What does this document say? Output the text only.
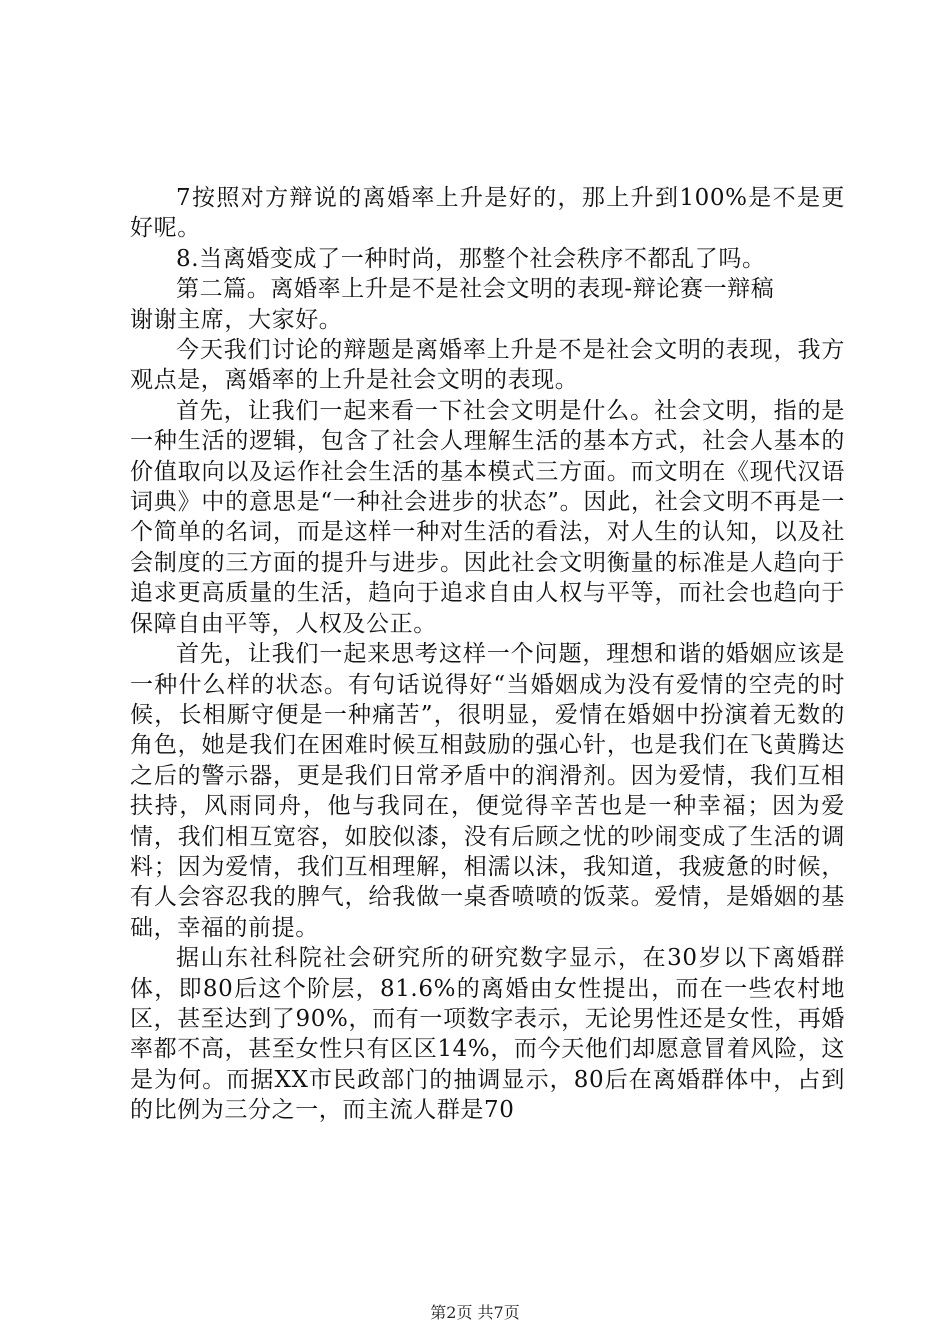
7按照对方辩说的离婚率上升是好的，那上升到100%是不是更好呢。

8.当离婚变成了一种时尚，那整个社会秩序不都乱了吗。

第二篇。离婚率上升是不是社会文明的表现-辩论赛一辩稿

谢谢主席，大家好。

今天我们讨论的辩题是离婚率上升是不是社会文明的表现，我方观点是，离婚率的上升是社会文明的表现。

首先，让我们一起来看一下社会文明是什么。社会文明，指的是一种生活的逻辑，包含了社会人理解生活的基本方式，社会人基本的价值取向以及运作社会生活的基本模式三方面。而文明在《现代汉语词典》中的意思是“一种社会进步的状态”。因此，社会文明不再是一个简单的名词，而是这样一种对生活的看法，对人生的认知，以及社会制度的三方面的提升与进步。因此社会文明衡量的标准是人趋向于追求更高质量的生活，趋向于追求自由人权与平等，而社会也趋向于保障自由平等，人权及公正。

首先，让我们一起来思考这样一个问题，理想和谐的婚姻应该是一种什么样的状态。有句话说得好“当婚姻成为没有爱情的空壳的时候，长相厮守便是一种痛苦”，很明显，爱情在婚姻中扮演着无数的角色，她是我们在困难时候互相鼓励的强心针，也是我们在飞黄腾达之后的警示器，更是我们日常矛盾中的润滑剂。因为爱情，我们互相扶持，风雨同舟，他与我同在，便觉得辛苦也是一种幸福；因为爱情，我们相互宽容，如胶似漆，没有后顾之忧的吵闹变成了生活的调料；因为爱情，我们互相理解，相濡以沫，我知道，我疲惫的时候，有人会容忍我的脾气，给我做一桌香喷喷的饭菜。爱情，是婚姻的基础，幸福的前提。

据山东社科院社会研究所的研究数字显示，在30岁以下离婚群体，即80后这个阶层，81.6%的离婚由女性提出，而在一些农村地区，甚至达到了90%，而有一项数字表示，无论男性还是女性，再婚率都不高，甚至女性只有区区14%，而今天他们却愿意冒着风险，这是为何。而据XX市民政部门的抽调显示，80后在离婚群体中，占到的比例为三分之一，而主流人群是70

第2页 共7页
